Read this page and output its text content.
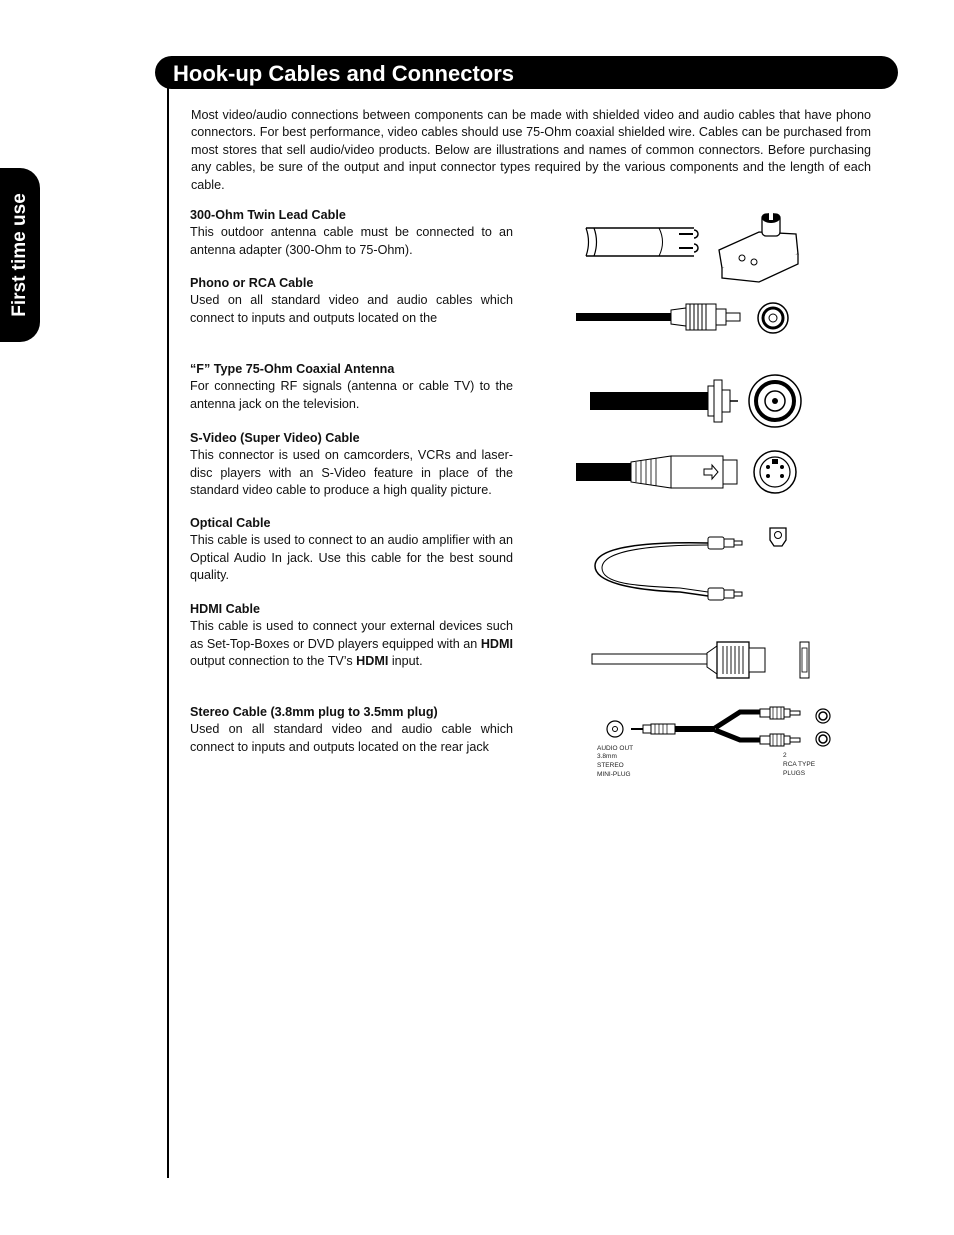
First time use
Hook-up Cables and Connectors
Most video/audio connections between components can be made with shielded video and audio cables that have phono connectors. For best performance, video cables should use 75-Ohm coaxial shielded wire. Cables can be purchased from most stores that sell audio/video products. Below are illustrations and names of common connectors. Before purchasing any cables, be sure of the output and input connector types required by the various components and the length of each cable.
300-Ohm Twin Lead Cable

This outdoor antenna cable must be connected to an antenna adapter (300-Ohm to 75-Ohm).

Phono or RCA Cable

Used on all standard video and audio cables which connect to inputs and outputs located on the

“F” Type 75-Ohm Coaxial Antenna

For connecting RF signals (antenna or cable TV) to the antenna jack on the television.

S-Video (Super Video) Cable

This connector is used on camcorders, VCRs and laser-disc players with an S-Video feature in place of the standard video cable to produce a high quality picture.

Optical Cable

This cable is used to connect to an audio amplifier with an Optical Audio In jack. Use this cable for the best sound quality.

HDMI Cable

This cable is used to connect your external devices such as Set-Top-Boxes or DVD players equipped with an HDMI output connection to the TV’s HDMI input.

Stereo Cable (3.8mm plug to 3.5mm plug)

Used on all standard video and audio cable which connect to inputs and outputs located on the rear jack	AUDIO OUT
3.8mm
STEREO
MINI-PLUG
2
RCA TYPE
PLUGS
